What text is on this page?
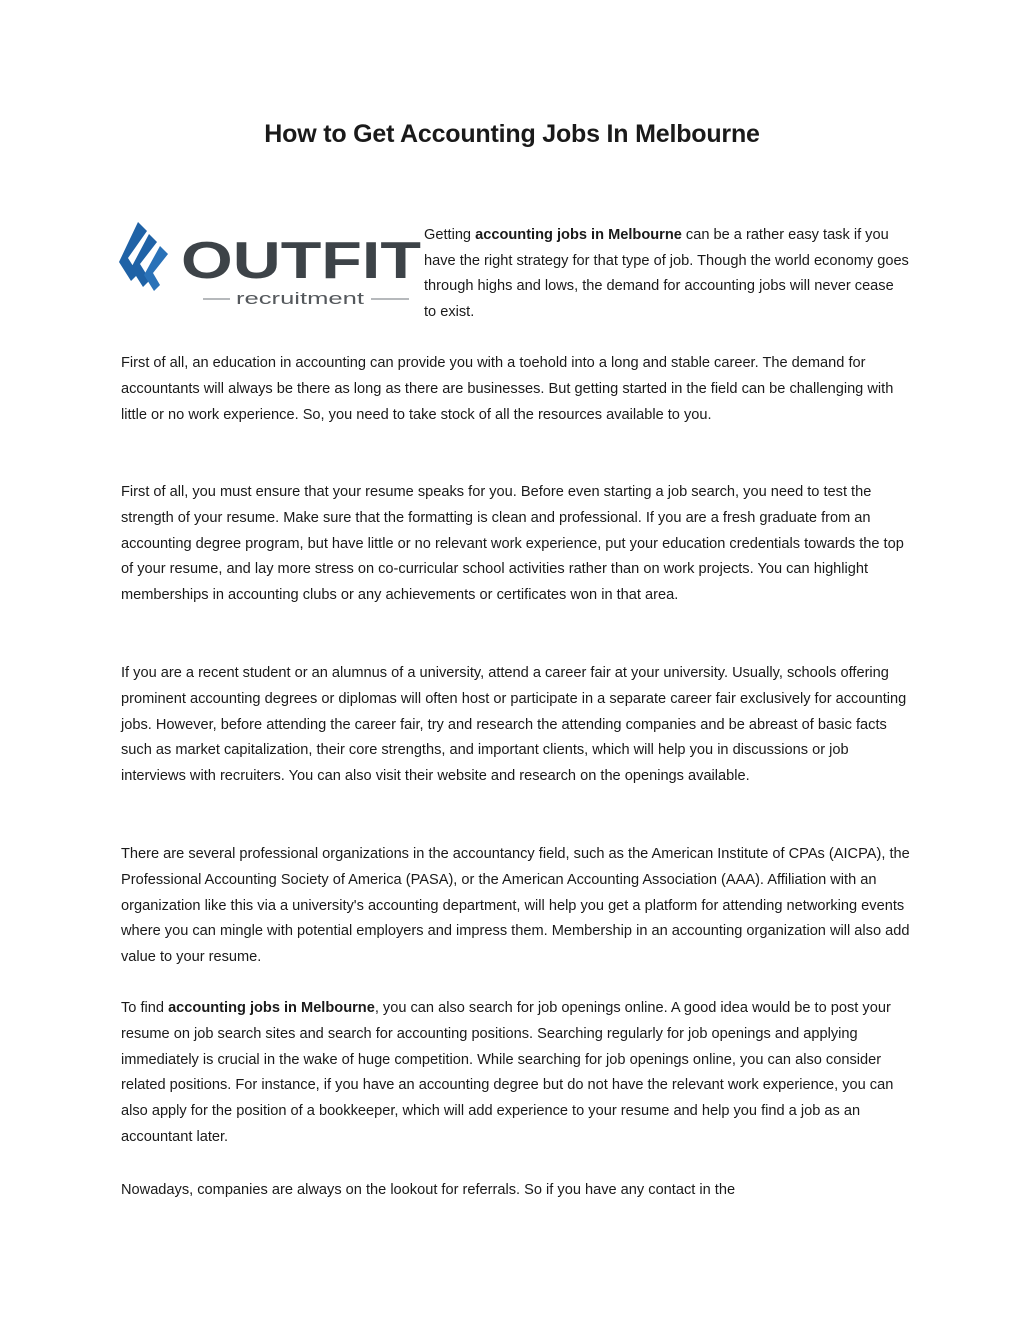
How to Get Accounting Jobs In Melbourne
OUTFIT
recruitment

Getting accounting jobs in Melbourne can be a rather easy task if you have the right strategy for that type of job. Though the world economy goes through highs and lows, the demand for accounting jobs will never cease to exist.

First of all, an education in accounting can provide you with a toehold into a long and stable career. The demand for accountants will always be there as long as there are businesses. But getting started in the field can be challenging with little or no work experience. So, you need to take stock of all the resources available to you.

First of all, you must ensure that your resume speaks for you. Before even starting a job search, you need to test the strength of your resume. Make sure that the formatting is clean and professional. If you are a fresh graduate from an accounting degree program, but have little or no relevant work experience, put your education credentials towards the top of your resume, and lay more stress on co-curricular school activities rather than on work projects. You can highlight memberships in accounting clubs or any achievements or certificates won in that area.

If you are a recent student or an alumnus of a university, attend a career fair at your university. Usually, schools offering prominent accounting degrees or diplomas will often host or participate in a separate career fair exclusively for accounting jobs. However, before attending the career fair, try and research the attending companies and be abreast of basic facts such as market capitalization, their core strengths, and important clients, which will help you in discussions or job interviews with recruiters. You can also visit their website and research on the openings available.

There are several professional organizations in the accountancy field, such as the American Institute of CPAs (AICPA), the Professional Accounting Society of America (PASA), or the American Accounting Association (AAA). Affiliation with an organization like this via a university's accounting department, will help you get a platform for attending networking events where you can mingle with potential employers and impress them. Membership in an accounting organization will also add value to your resume.

To find accounting jobs in Melbourne, you can also search for job openings online. A good idea would be to post your resume on job search sites and search for accounting positions. Searching regularly for job openings and applying immediately is crucial in the wake of huge competition. While searching for job openings online, you can also consider related positions. For instance, if you have an accounting degree but do not have the relevant work experience, you can also apply for the position of a bookkeeper, which will add experience to your resume and help you find a job as an accountant later.

Nowadays, companies are always on the lookout for referrals. So if you have any contact in the
